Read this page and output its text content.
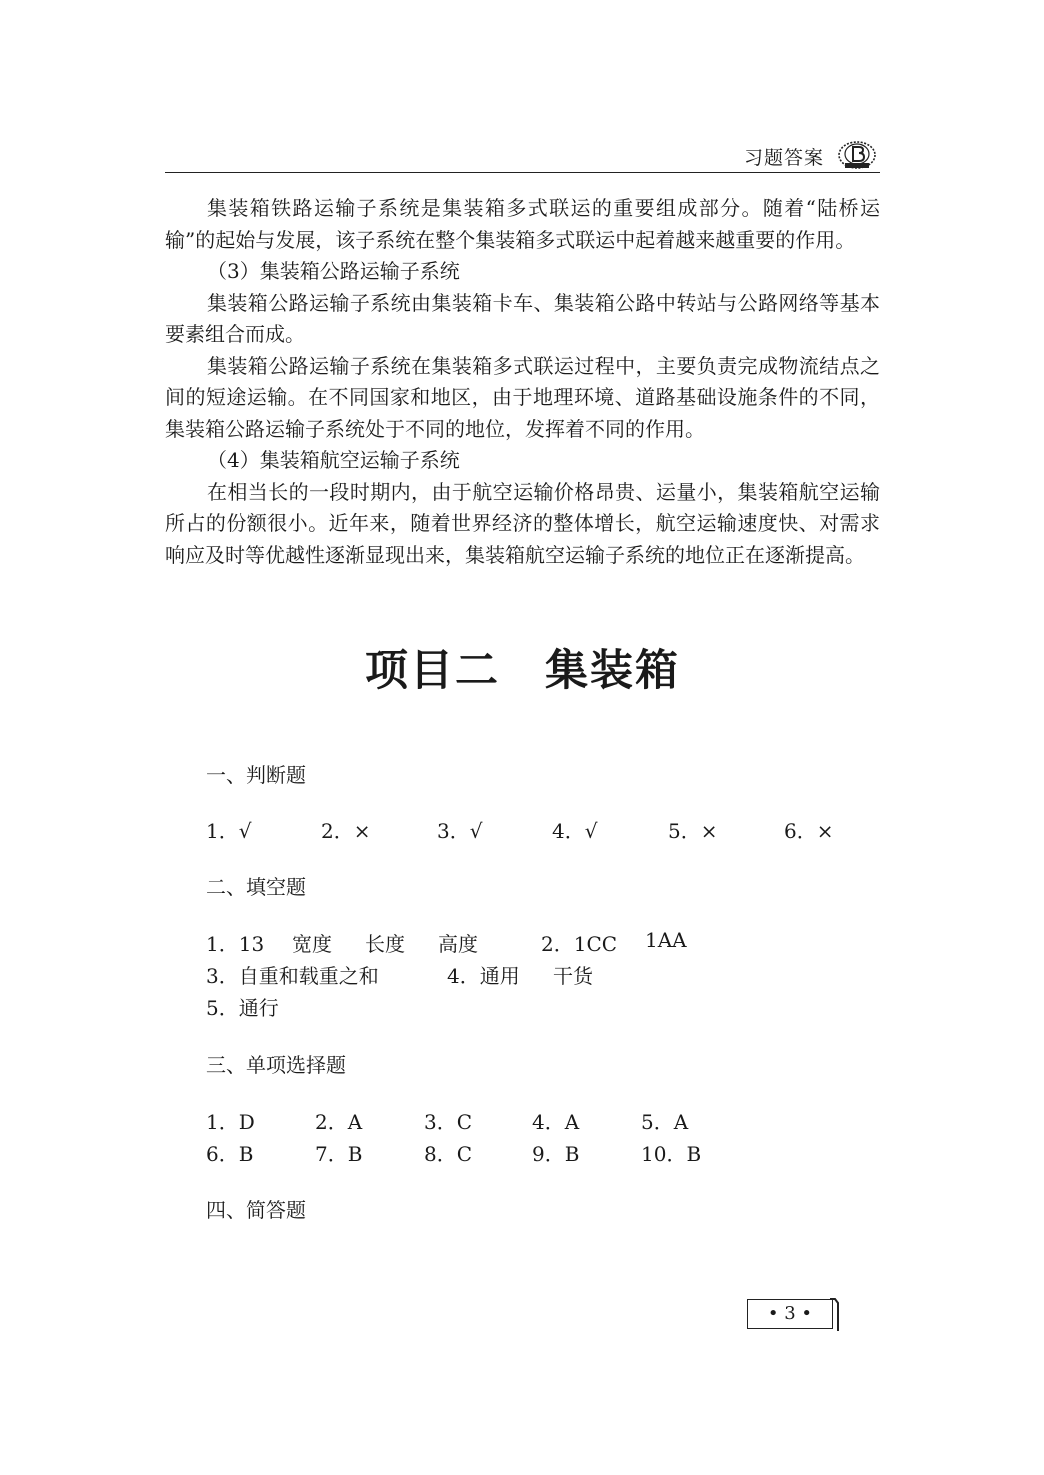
习题答案

集装箱铁路运输子系统是集装箱多式联运的重要组成部分。随着“陆桥运输”的起始与发展，该子系统在整个集装箱多式联运中起着越来越重要的作用。

（3）集装箱公路运输子系统

集装箱公路运输子系统由集装箱卡车、集装箱公路中转站与公路网络等基本要素组合而成。

集装箱公路运输子系统在集装箱多式联运过程中，主要负责完成物流结点之间的短途运输。在不同国家和地区，由于地理环境、道路基础设施条件的不同，集装箱公路运输子系统处于不同的地位，发挥着不同的作用。

（4）集装箱航空运输子系统

在相当长的一段时期内，由于航空运输价格昂贵、运量小，集装箱航空运输所占的份额很小。近年来，随着世界经济的整体增长，航空运输速度快、对需求响应及时等优越性逐渐显现出来，集装箱航空运输子系统的地位正在逐渐提高。

项目二　集装箱
一、判断题
1．√	2．×	3．√	4．√	5．×	6．×
二、填空题
1．13 宽度 长度 高度	2．1CC 1AA
3．自重和载重之和	4．通用 干货
5．通行
三、单项选择题
1．D	2．A	3．C	4．A	5．A
6．B	7．B	8．C	9．B	10．B
四、简答题
• 3 •
